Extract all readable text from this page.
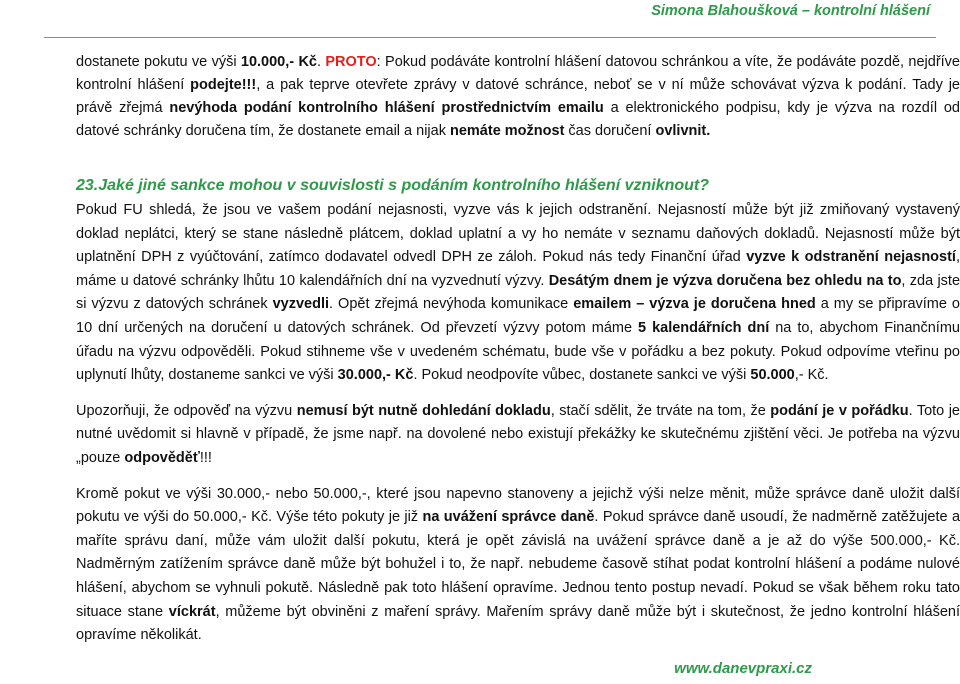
Simona Blahoušková – kontrolní hlášení

dostanete pokutu ve výši 10.000,- Kč. PROTO: Pokud podáváte kontrolní hlášení datovou schránkou a víte, že podáváte pozdě, nejdříve kontrolní hlášení podejte!!!, a pak teprve otevřete zprávy v datové schránce, neboť se v ní může schovávat výzva k podání. Tady je právě zřejmá nevýhoda podání kontrolního hlášení prostřednictvím emailu a elektronického podpisu, kdy je výzva na rozdíl od datové schránky doručena tím, že dostanete email a nijak nemáte možnost čas doručení ovlivnit.

23.Jaké jiné sankce mohou v souvislosti s podáním kontrolního hlášení vzniknout?

Pokud FU shledá, že jsou ve vašem podání nejasnosti, vyzve vás k jejich odstranění. Nejasností může být již zmiňovaný vystavený doklad neplátci, který se stane následně plátcem, doklad uplatní a vy ho nemáte v seznamu daňových dokladů. Nejasností může být uplatnění DPH z vyúčtování, zatímco dodavatel odvedl DPH ze záloh. Pokud nás tedy Finanční úřad vyzve k odstranění nejasností, máme u datové schránky lhůtu 10 kalendářních dní na vyzvednutí výzvy. Desátým dnem je výzva doručena bez ohledu na to, zda jste si výzvu z datových schránek vyzvedli. Opět zřejmá nevýhoda komunikace emailem – výzva je doručena hned a my se připravíme o 10 dní určených na doručení u datových schránek. Od převzetí výzvy potom máme 5 kalendářních dní na to, abychom Finančnímu úřadu na výzvu odpověděli. Pokud stihneme vše v uvedeném schématu, bude vše v pořádku a bez pokuty. Pokud odpovíme vteřinu po uplynutí lhůty, dostaneme sankci ve výši 30.000,- Kč. Pokud neodpovíte vůbec, dostanete sankci ve výši 50.000,- Kč.

Upozorňuji, že odpověď na výzvu nemusí být nutně dohledání dokladu, stačí sdělit, že trváte na tom, že podání je v pořádku. Toto je nutné uvědomit si hlavně v případě, že jsme např. na dovolené nebo existují překážky ke skutečnému zjištění věci. Je potřeba na výzvu „pouze odpověděť!!!

Kromě pokut ve výši 30.000,- nebo 50.000,-, které jsou napevno stanoveny a jejichž výši nelze měnit, může správce daně uložit další pokutu ve výši do 50.000,- Kč. Výše této pokuty je již na uvážení správce daně. Pokud správce daně usoudí, že nadměrně zatěžujete a maříte správu daní, může vám uložit další pokutu, která je opět závislá na uvážení správce daně a je až do výše 500.000,- Kč. Nadměrným zatížením správce daně může být bohužel i to, že např. nebudeme časově stíhat podat kontrolní hlášení a podáme nulové hlášení, abychom se vyhnuli pokutě. Následně pak toto hlášení opravíme. Jednou tento postup nevadí. Pokud se však během roku tato situace stane víckrát, můžeme být obviněni z maření správy. Mařením správy daně může být i skutečnost, že jedno kontrolní hlášení opravíme několikát.

www.danevpraxi.cz
